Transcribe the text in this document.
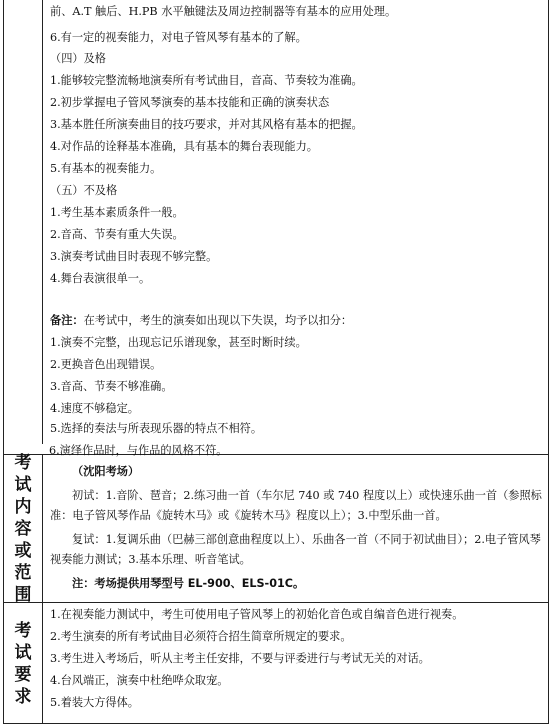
前、A.T 触后、H.PB 水平触键法及周边控制器等有基本的应用处理。
6.有一定的视奏能力，对电子管风琴有基本的了解。
（四）及格
1.能够较完整流畅地演奏所有考试曲目，音高、节奏较为准确。
2.初步掌握电子管风琴演奏的基本技能和正确的演奏状态
3.基本胜任所演奏曲目的技巧要求，并对其风格有基本的把握。
4.对作品的诠释基本准确，具有基本的舞台表现能力。
5.有基本的视奏能力。
（五）不及格
1.考生基本素质条件一般。
2.音高、节奏有重大失误。
3.演奏考试曲目时表现不够完整。
4.舞台表演很单一。
备注：在考试中，考生的演奏如出现以下失误，均予以扣分：
1.演奏不完整，出现忘记乐谱现象，甚至时断时续。
2.更换音色出现错误。
3.音高、节奏不够准确。
4.速度不够稳定。
5.选择的奏法与所表现乐器的特点不相符。
考
试
内
容
或
范
围
（沈阳考场）
初试：1.音阶、琶音；2.练习曲一首（车尔尼 740 或 740 程度以上）或快速乐曲一首（参照标准：电子管风琴作品《旋转木马》或《旋转木马》程度以上）；3.中型乐曲一首。
复试：1.复调乐曲（巴赫三部创意曲程度以上）、乐曲各一首（不同于初试曲目）；2.电子管风琴视奏能力测试；3.基本乐理、听音笔试。
注：考场提供用琴型号 EL-900、ELS-01C。
考
试
要
求
1.在视奏能力测试中，考生可使用电子管风琴上的初始化音色或自编音色进行视奏。
2.考生演奏的所有考试曲目必须符合招生简章所规定的要求。
3.考生进入考场后，听从主考主任安排，不要与评委进行与考试无关的对话。
4.台风端正，演奏中杜绝哗众取宠。
5.着装大方得体。
6.演绎作品时，与作品的风格不符。
